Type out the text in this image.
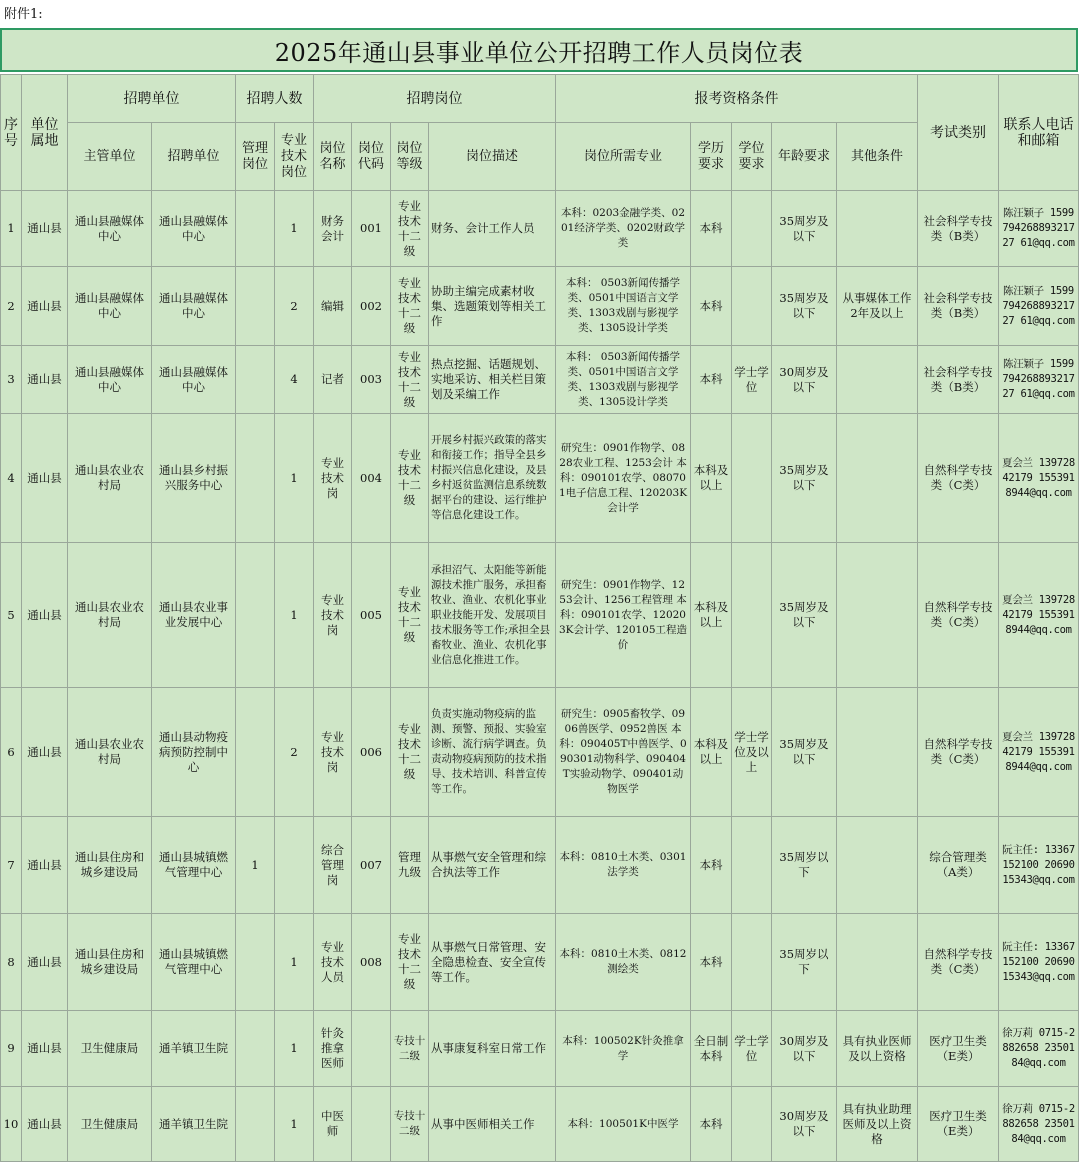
附件1:
2025年通山县事业单位公开招聘工作人员岗位表
序号	单位属地	招聘单位		招聘人数		招聘岗位				报考资格条件					考试类别	联系人电话和邮箱
		主管单位	招聘单位	管理岗位	专业技术岗位	岗位名称	岗位代码	岗位等级	岗位描述	岗位所需专业	学历要求	学位要求	年龄要求	其他条件		
1	通山县	通山县融媒体中心	通山县融媒体中心		1	财务会计	001	专业技术十二级	财务、会计工作人员	本科：0203金融学类、0201经济学类、0202财政学类	本科		35周岁及以下		社会科学专技类（B类）	陈汪颖子 159979426889321727 61@qq.com
2	通山县	通山县融媒体中心	通山县融媒体中心		2	编辑	002	专业技术十二级	协助主编完成素材收集、选题策划等相关工作	本科： 0503新闻传播学类、0501中国语言文学类、1303戏剧与影视学类、1305设计学类	本科		35周岁及以下	从事媒体工作2年及以上	社会科学专技类（B类）	陈汪颖子 159979426889321727 61@qq.com
3	通山县	通山县融媒体中心	通山县融媒体中心		4	记者	003	专业技术十二级	热点挖掘、话题规划、实地采访、相关栏目策划及采编工作	本科： 0503新闻传播学类、0501中国语言文学类、1303戏剧与影视学类、1305设计学类	本科	学士学位	30周岁及以下		社会科学专技类（B类）	陈汪颖子 159979426889321727 61@qq.com
4	通山县	通山县农业农村局	通山县乡村振兴服务中心		1	专业技术岗	004	专业技术十二级	开展乡村振兴政策的落实和衔接工作；指导全县乡村振兴信息化建设，及县乡村返贫监测信息系统数据平台的建设、运行维护等信息化建设工作。	研究生：0901作物学、0828农业工程、1253会计 本科：090101农学、080701电子信息工程、120203K会计学	本科及以上		35周岁及以下		自然科学专技类（C类）	夏会兰 13972842179 1553918944@qq.com
5	通山县	通山县农业农村局	通山县农业事业发展中心		1	专业技术岗	005	专业技术十二级	承担沼气、太阳能等新能源技术推广服务，承担畜牧业、渔业、农机化事业职业技能开发、发展项目技术服务等工作;承担全县畜牧业、渔业、农机化事业信息化推进工作。	研究生：0901作物学、1253会计、1256工程管理 本科：090101农学、120203K会计学、120105工程造价	本科及以上		35周岁及以下		自然科学专技类（C类）	夏会兰 13972842179 1553918944@qq.com
6	通山县	通山县农业农村局	通山县动物疫病预防控制中心		2	专业技术岗	006	专业技术十二级	负责实施动物疫病的监测、预警、预报、实验室诊断、流行病学调查。负责动物疫病预防的技术指导、技术培训、科普宣传等工作。	研究生：0905畜牧学、0906兽医学、0952兽医 本科：090405T中兽医学、090301动物科学、090404T实验动物学、090401动物医学	本科及以上	学士学位及以上	35周岁及以下		自然科学专技类（C类）	夏会兰 13972842179 1553918944@qq.com
7	通山县	通山县住房和城乡建设局	通山县城镇燃气管理中心	1		综合管理岗	007	管理九级	从事燃气安全管理和综合执法等工作	本科：0810土木类、0301法学类	本科		35周岁以下		综合管理类（A类）	阮主任: 13367152100 2069015343@qq.com
8	通山县	通山县住房和城乡建设局	通山县城镇燃气管理中心		1	专业技术人员	008	专业技术十二级	从事燃气日常管理、安全隐患检查、安全宣传等工作。	本科：0810土木类、0812测绘类	本科		35周岁以下		自然科学专技类（C类）	阮主任: 13367152100 2069015343@qq.com
9	通山县	卫生健康局	通羊镇卫生院		1	针灸推拿医师		专技十二级	从事康复科室日常工作	本科：100502K针灸推拿学	全日制本科	学士学位	30周岁及以下	具有执业医师及以上资格	医疗卫生类（E类）	徐万莉 0715-2882658 2350184@qq.com
10	通山县	卫生健康局	通羊镇卫生院		1	中医师		专技十二级	从事中医师相关工作	本科：100501K中医学	本科		30周岁及以下	具有执业助理医师及以上资格	医疗卫生类（E类）	徐万莉 0715-2882658 2350184@qq.com
